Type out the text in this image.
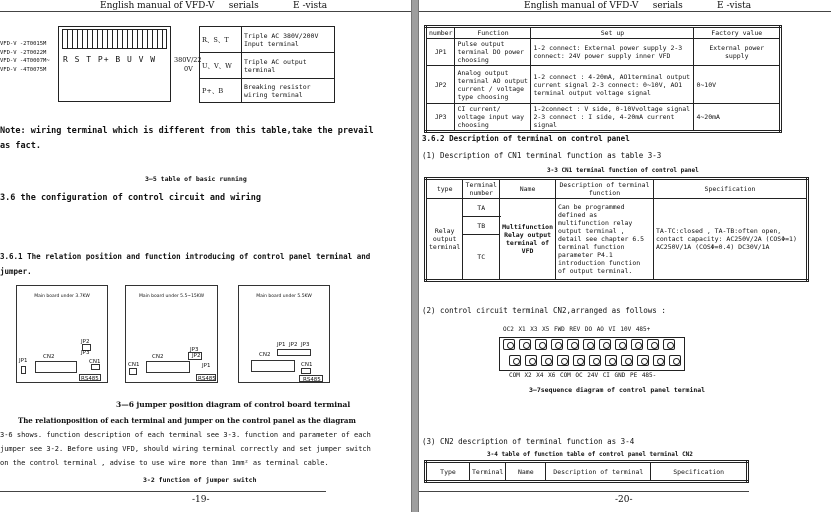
English manual of VFD-V serials	E -vista
VFD-V -2T0015M
VFD-V -2T0022M
VFD-V -4T0007M~
VFD-V -4T0075M
R S T P+ B U V W	380V/22
0V
R、S、T	Triple AC 380V/200V Input terminal
U、V、W	Triple AC output terminal
P+、B	Breaking resistor wiring terminal
Note: wiring terminal which is different from this table,take the prevail
as fact.
3—5 table of basic running
3.6 the configuration of control circuit and wiring
3.6.1 The relation position and function introducing of control panel terminal and
jumper.
Main board under 3.7KW
CN2
JP2
JP3
JP1	CN1
RS485
Main board under 5.5~15KW
CN2
JP3
JP2
CN1	JP1
RS485
Main board under 5.5KW
JP1 JP2 JP3
CN2
CN1
RS485
3—6 jumper position diagram of control board terminal
The relationposition of each terminal and jumper on the control panel as the diagram
3-6 shows. function description of each terminal see 3-3. function and parameter of each
jumper see 3-2. Before using VFD, should wiring terminal correctly and set jumper switch
on the control terminal , advise to use wire more than 1mm² as terminal cable.
3-2 function of jumper switch
-19-
English manual of VFD-V serials	E -vista
number	Function	Set up	Factory value
JP1	Pulse output terminal DO power choosing	1-2 connect: External power supply 2-3 connect: 24V power supply inner VFD	External power supply
JP2	Analog output terminal AO output current / voltage type choosing	1-2 connect : 4-20mA, AO1terminal output current signal 2-3 connect: 0~10V, AO1 terminal output voltage signal	0~10V
JP3	CI current/ voltage input way choosing	1-2connect : V side, 0-10Vvoltage signal 2-3 connect : I side, 4-20mA current signal	4~20mA
3.6.2 Description of terminal on control panel
(1) Description of CN1 terminal function as table 3-3
3-3 CN1 terminal function of control panel
type	Terminal number	Name	Description of terminal function	Specification
Relay output terminal	TA	Multifunction Relay output terminal of VFD	Can be programmed defined as multifunction relay output terminal , detail see chapter 6.5 terminal function parameter P4.1 introduction function of output terminal.	TA-TC:closed , TA-TB:often open, contact capacity: AC250V/2A (COSΦ=1) AC250V/1A (COSΦ=0.4) DC30V/1A
	TB			
	TC			
(2) control circuit terminal CN2,arranged as follows :
OC2 X1 X3 X5 FWD REV DO AO VI 10V 485+
COM X2 X4 X6 COM OC 24V CI GND PE 485-
3—7sequence diagram of control panel terminal
(3) CN2 description of terminal function as 3-4
3-4 table of function table of control panel terminal CN2
Type	Terminal	Name	Description of terminal	Specification
-20-
